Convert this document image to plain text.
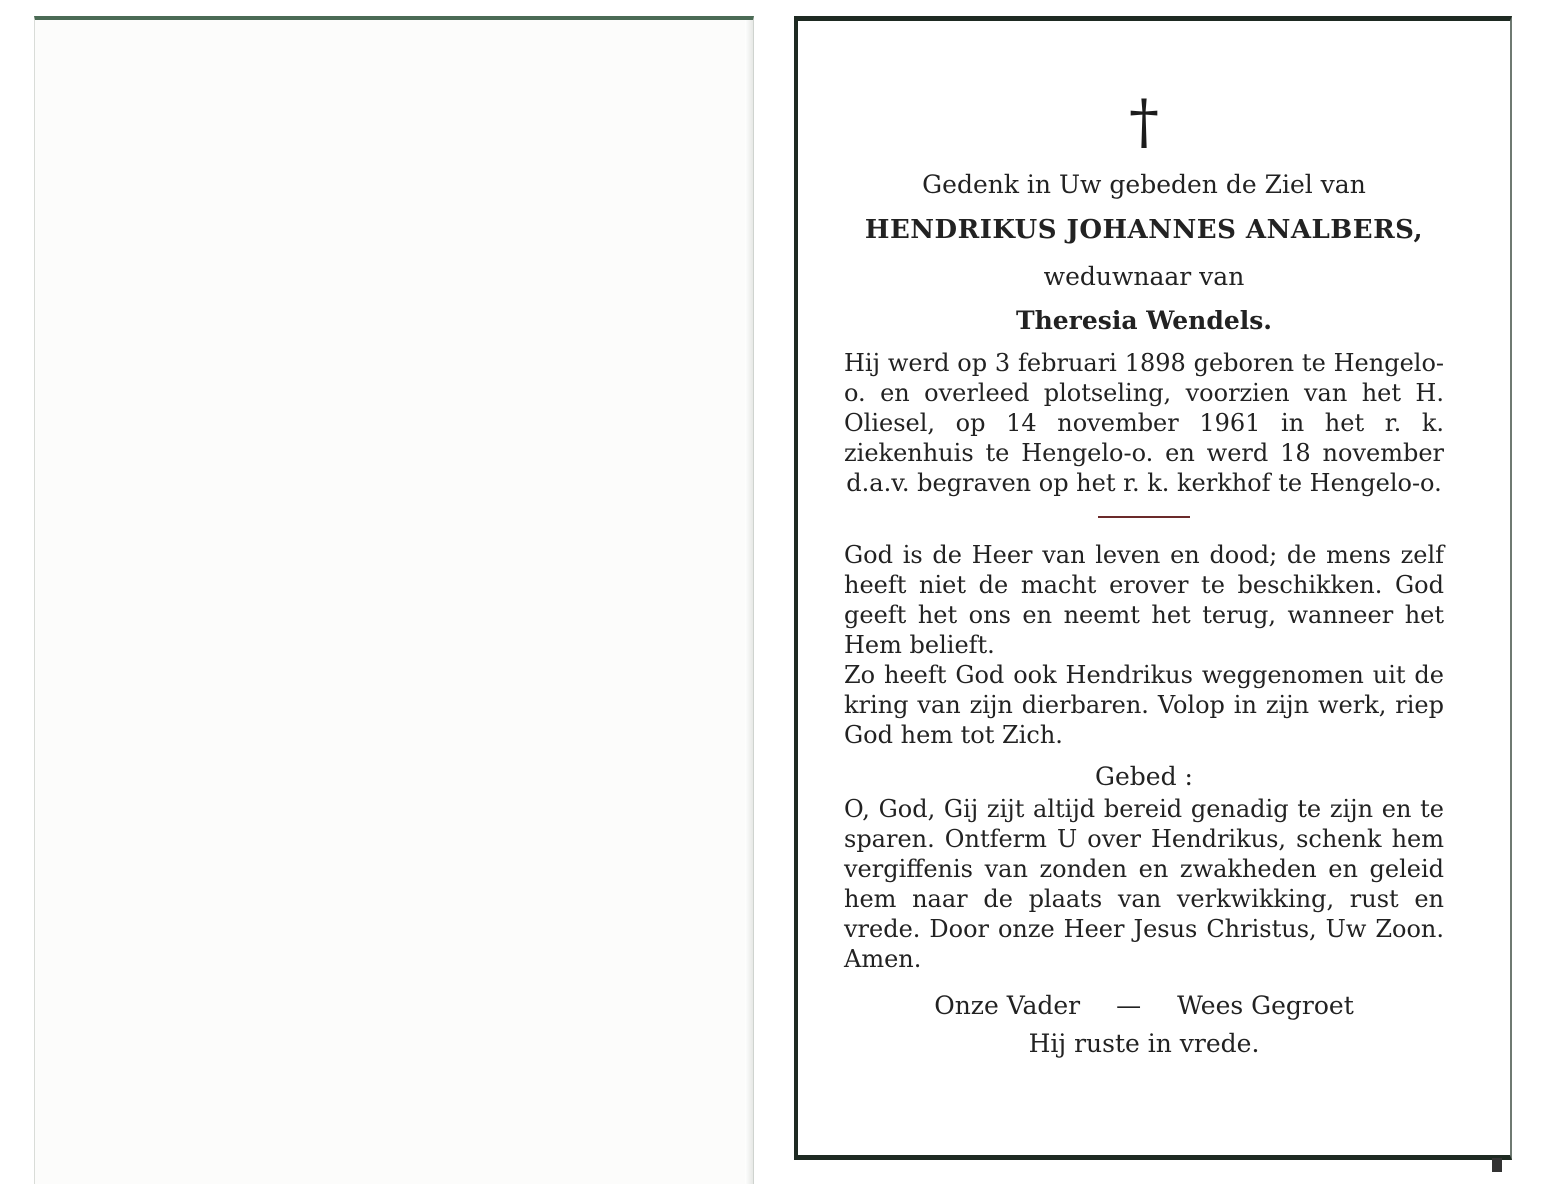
†
Gedenk in Uw gebeden de Ziel van
HENDRIKUS JOHANNES ANALBERS,
weduwnaar van
Theresia Wendels.
Hij werd op 3 februari 1898 geboren te Hengelo-o. en overleed plotseling, voorzien van het H. Oliesel, op 14 november 1961 in het r. k. ziekenhuis te Hengelo-o. en werd 18 november d.a.v. begraven op het r. k. kerkhof te Hengelo-o.
God is de Heer van leven en dood; de mens zelf heeft niet de macht erover te beschikken. God geeft het ons en neemt het terug, wanneer het Hem belieft.
Zo heeft God ook Hendrikus weggenomen uit de kring van zijn dierbaren. Volop in zijn werk, riep God hem tot Zich.
Gebed :
O, God, Gij zijt altijd bereid genadig te zijn en te sparen. Ontferm U over Hendrikus, schenk hem vergiffenis van zonden en zwakheden en geleid hem naar de plaats van verkwikking, rust en vrede. Door onze Heer Jesus Christus, Uw Zoon. Amen.
Onze Vader — Wees Gegroet
Hij ruste in vrede.
